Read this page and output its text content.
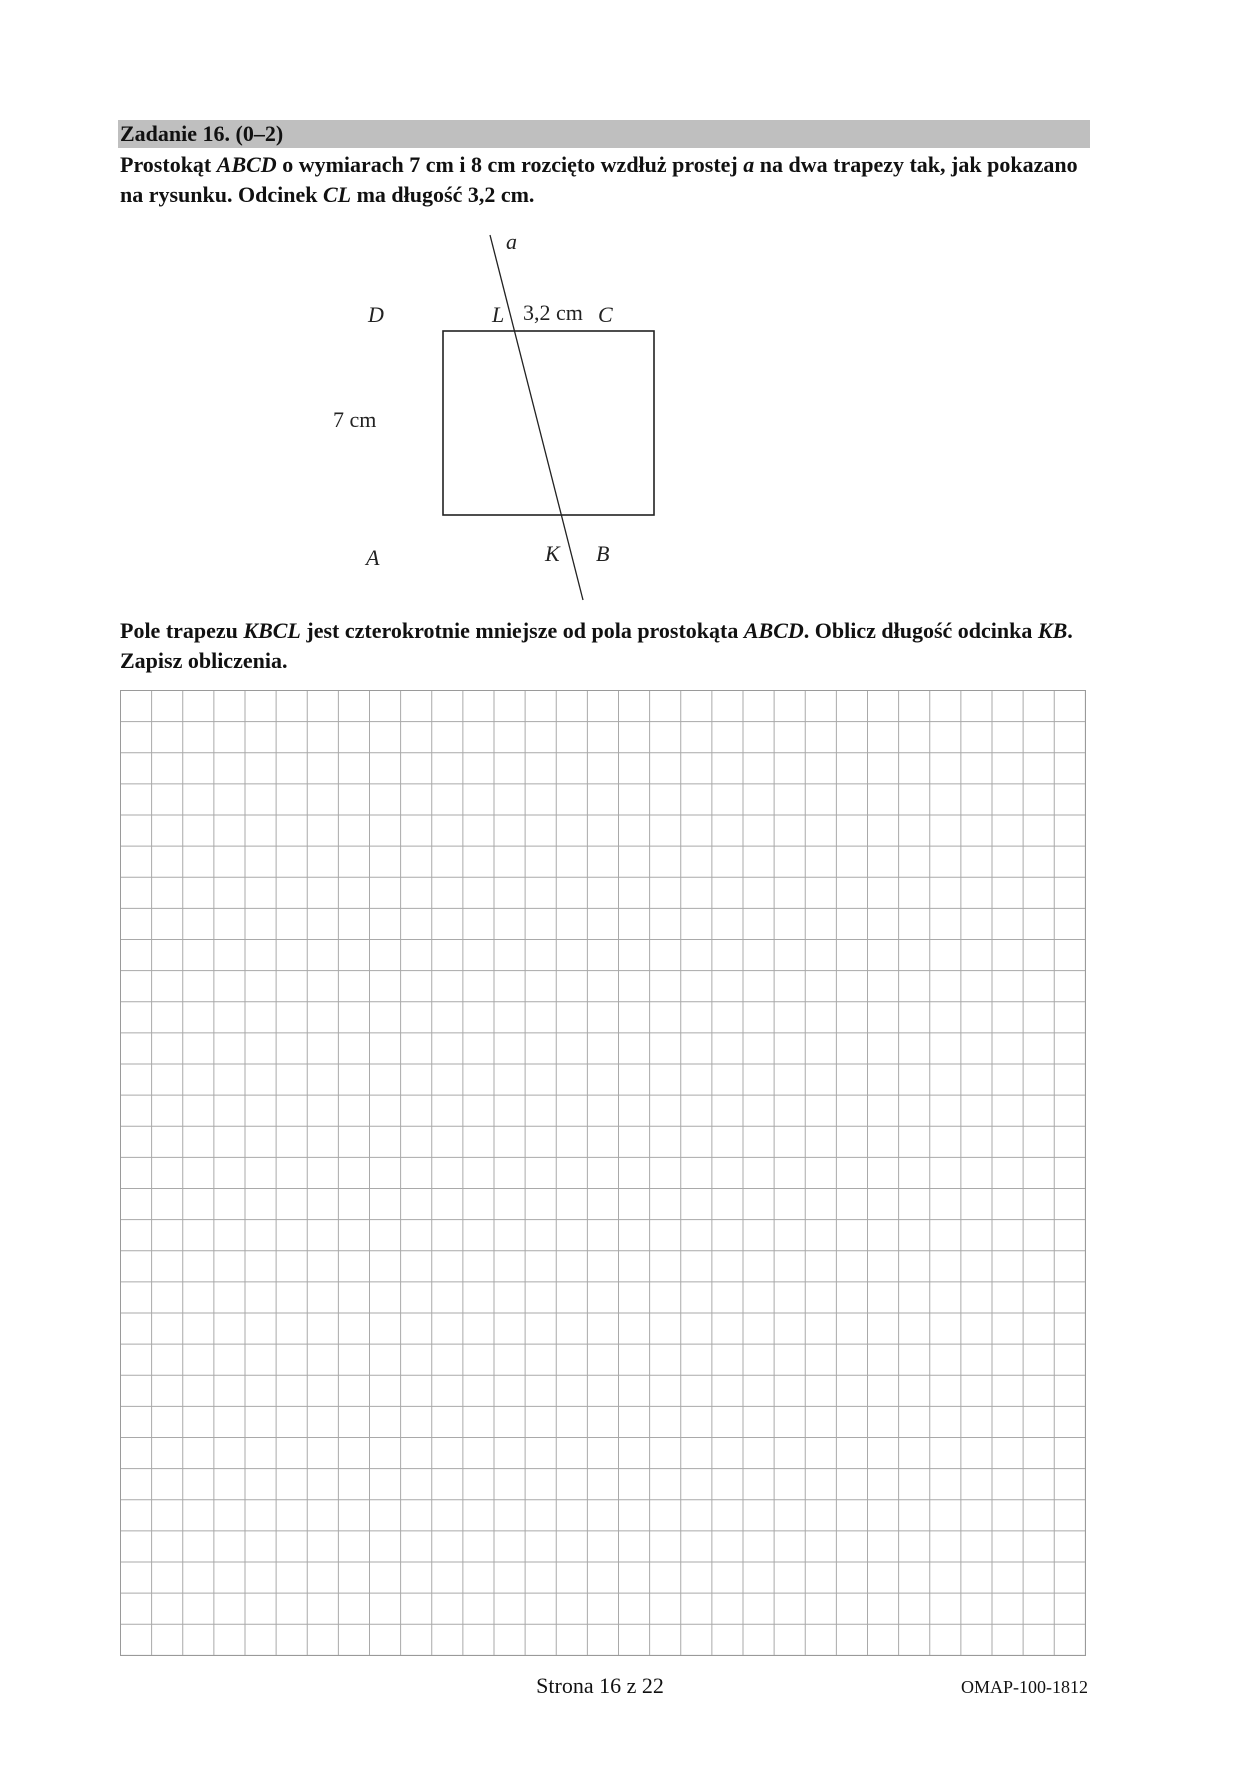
Zadanie 16. (0–2)
Prostokąt ABCD o wymiarach 7 cm i 8 cm rozcięto wzdłuż prostej a na dwa trapezy tak, jak pokazano na rysunku. Odcinek CL ma długość 3,2 cm.
a
D	L 3,2 cm C
7 cm
A	K B
Pole trapezu KBCL jest czterokrotnie mniejsze od pola prostokąta ABCD. Oblicz długość odcinka KB. Zapisz obliczenia.
Strona 16 z 22	OMAP-100-1812
